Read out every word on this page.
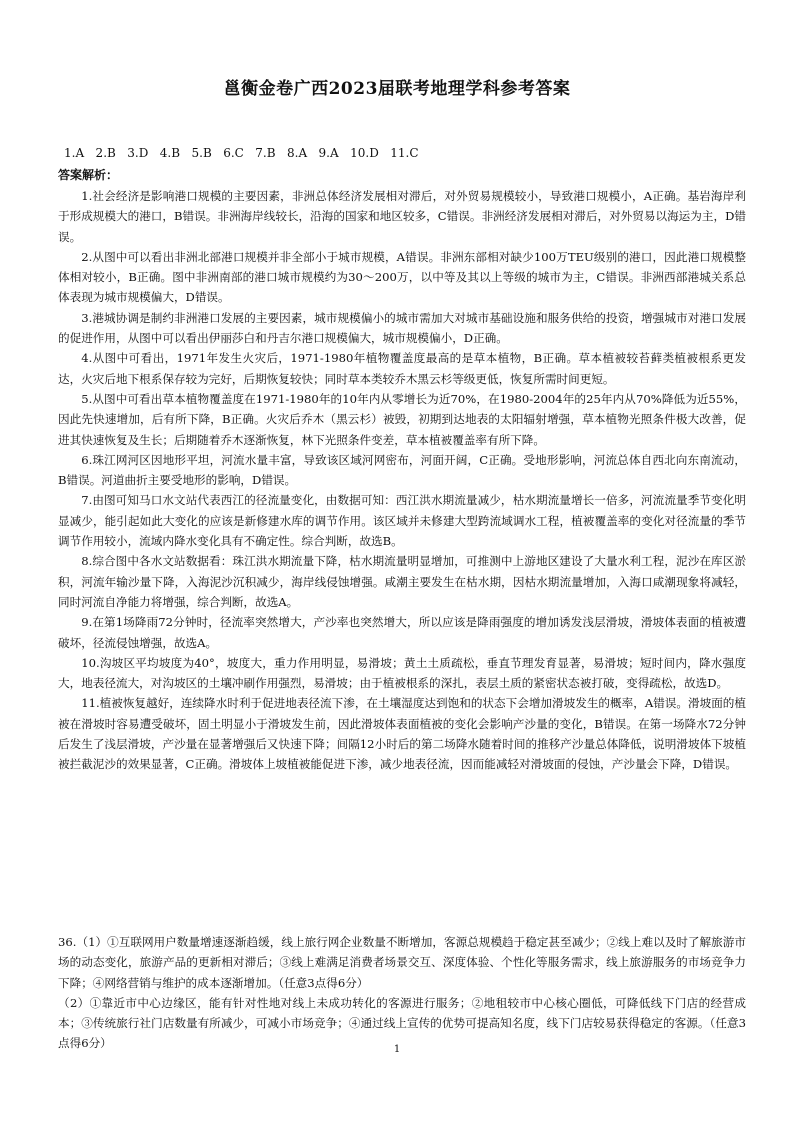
邕衡金卷广西2023届联考地理学科参考答案
1.A   2.B   3.D   4.B   5.B   6.C   7.B   8.A   9.A   10.D   11.C
答案解析：

1.社会经济是影响港口规模的主要因素，非洲总体经济发展相对滞后，对外贸易规模较小，导致港口规模小，A正确。基岩海岸利于形成规模大的港口，B错误。非洲海岸线较长，沿海的国家和地区较多，C错误。非洲经济发展相对滞后，对外贸易以海运为主，D错误。

2.从图中可以看出非洲北部港口规模并非全部小于城市规模，A错误。非洲东部相对缺少100万TEU级别的港口，因此港口规模整体相对较小，B正确。图中非洲南部的港口城市规模约为30～200万，以中等及其以上等级的城市为主，C错误。非洲西部港城关系总体表现为城市规模偏大，D错误。

3.港城协调是制约非洲港口发展的主要因素，城市规模偏小的城市需加大对城市基础设施和服务供给的投资，增强城市对港口发展的促进作用，从图中可以看出伊丽莎白和丹吉尔港口规模偏大，城市规模偏小，D正确。

4.从图中可看出，1971年发生火灾后，1971-1980年植物覆盖度最高的是草本植物，B正确。草本植被较苔藓类植被根系更发达，火灾后地下根系保存较为完好，后期恢复较快；同时草本类较乔木黑云杉等级更低，恢复所需时间更短。

5.从图中可看出草本植物覆盖度在1971-1980年的10年内从零增长为近70%，在1980-2004年的25年内从70%降低为近55%，因此先快速增加，后有所下降，B正确。火灾后乔木（黑云杉）被毁，初期到达地表的太阳辐射增强，草本植物光照条件极大改善，促进其快速恢复及生长；后期随着乔木逐渐恢复，林下光照条件变差，草本植被覆盖率有所下降。

6.珠江网河区因地形平坦，河流水量丰富，导致该区域河网密布，河面开阔，C正确。受地形影响，河流总体自西北向东南流动，B错误。河道曲折主要受地形的影响，D错误。

7.由图可知马口水文站代表西江的径流量变化，由数据可知：西江洪水期流量减少，枯水期流量增长一倍多，河流流量季节变化明显减少，能引起如此大变化的应该是新修建水库的调节作用。该区域并未修建大型跨流域调水工程，植被覆盖率的变化对径流量的季节调节作用较小，流域内降水变化具有不确定性。综合判断，故选B。

8.综合图中各水文站数据看：珠江洪水期流量下降，枯水期流量明显增加，可推测中上游地区建设了大量水利工程，泥沙在库区淤积，河流年输沙量下降，入海泥沙沉积减少，海岸线侵蚀增强。咸潮主要发生在枯水期，因枯水期流量增加，入海口咸潮现象将减轻，同时河流自净能力将增强，综合判断，故选A。

9.在第1场降雨72分钟时，径流率突然增大，产沙率也突然增大，所以应该是降雨强度的增加诱发浅层滑坡，滑坡体表面的植被遭破坏，径流侵蚀增强，故选A。

10.沟坡区平均坡度为40°，坡度大，重力作用明显，易滑坡；黄土土质疏松，垂直节理发育显著，易滑坡；短时间内，降水强度大，地表径流大，对沟坡区的土壤冲刷作用强烈，易滑坡；由于植被根系的深扎，表层土质的紧密状态被打破，变得疏松，故选D。

11.植被恢复越好，连续降水时利于促进地表径流下渗，在土壤湿度达到饱和的状态下会增加滑坡发生的概率，A错误。滑坡面的植被在滑坡时容易遭受破坏，固土明显小于滑坡发生前，因此滑坡体表面植被的变化会影响产沙量的变化，B错误。在第一场降水72分钟后发生了浅层滑坡，产沙量在显著增强后又快速下降；间隔12小时后的第二场降水随着时间的推移产沙量总体降低，说明滑坡体下坡植被拦截泥沙的效果显著，C正确。滑坡体上坡植被能促进下渗，减少地表径流，因而能减轻对滑坡面的侵蚀，产沙量会下降，D错误。

36.（1）①互联网用户数量增速逐渐趋缓，线上旅行网企业数量不断增加，客源总规模趋于稳定甚至减少；②线上难以及时了解旅游市场的动态变化，旅游产品的更新相对滞后；③线上难满足消费者场景交互、深度体验、个性化等服务需求，线上旅游服务的市场竞争力下降；④网络营销与维护的成本逐渐增加。（任意3点得6分）

（2）①靠近市中心边缘区，能有针对性地对线上未成功转化的客源进行服务；②地租较市中心核心圈低，可降低线下门店的经营成本；③传统旅行社门店数量有所减少，可减小市场竞争；④通过线上宣传的优势可提高知名度，线下门店较易获得稳定的客源。（任意3点得6分）	1
